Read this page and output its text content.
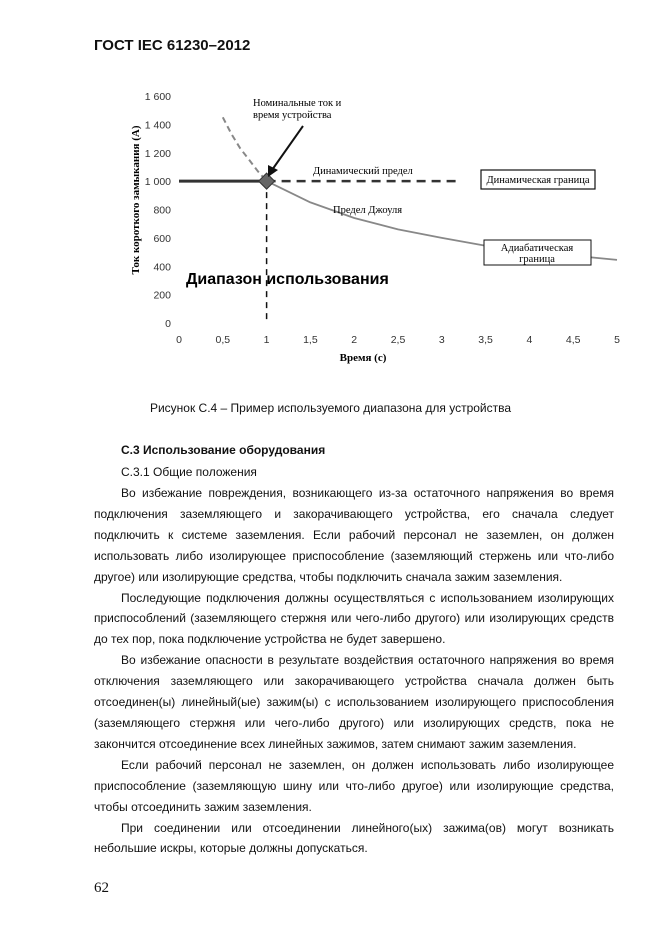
ГОСТ IEC 61230–2012
0
200
400
600
800
1 000
1 200
1 400
1 600
0	0,5	1	1,5	2	2,5	3	3,5	4	4,5	5
Ток короткого замыкания (А)
Время (с)
Номинальные ток и
время устройства
Динамический предел
Предел Джоуля
Динамическая граница
Адиабатическая
граница
Диапазон использования
Рисунок С.4 – Пример используемого диапазона для устройства
С.3 Использование оборудования
С.3.1 Общие положения

Во избежание повреждения, возникающего из-за остаточного напряжения во время подключения заземляющего и закорачивающего устройства, его сначала следует подключить к системе заземления. Если рабочий персонал не заземлен, он должен использовать либо изолирующее приспособление (заземляющий стержень или что-либо другое) или изолирующие средства, чтобы подключить сначала зажим заземления.

Последующие подключения должны осуществляться с использованием изолирующих приспособлений (заземляющего стержня или чего-либо другого) или изолирующих средств до тех пор, пока подключение устройства не будет завершено.

Во избежание опасности в результате воздействия остаточного напряжения во время отключения заземляющего или закорачивающего устройства сначала должен быть отсоединен(ы) линейный(ые) зажим(ы) с использованием изолирующего приспособления (заземляющего стержня или чего-либо другого) или изолирующих средств, пока не закончится отсоединение всех линейных зажимов, затем снимают зажим заземления.

Если рабочий персонал не заземлен, он должен использовать либо изолирующее приспособление (заземляющую шину или что-либо другое) или изолирующие средства, чтобы отсоединить зажим заземления.

При соединении или отсоединении линейного(ых) зажима(ов) могут возникать небольшие искры, которые должны допускаться.

62
